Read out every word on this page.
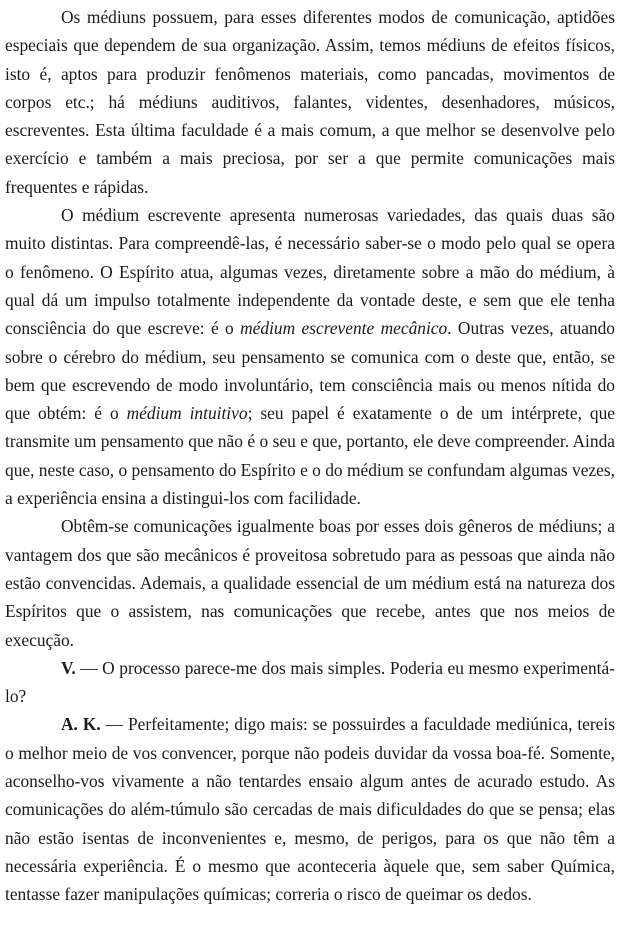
Os médiuns possuem, para esses diferentes modos de comunicação, aptidões especiais que dependem de sua organização. Assim, temos médiuns de efeitos físicos, isto é, aptos para produzir fenômenos materiais, como pancadas, movimentos de corpos etc.; há médiuns auditivos, falantes, videntes, desenhadores, músicos, escreventes. Esta última faculdade é a mais comum, a que melhor se desenvolve pelo exercício e também a mais preciosa, por ser a que permite comunicações mais frequentes e rápidas.

O médium escrevente apresenta numerosas variedades, das quais duas são muito distintas. Para compreendê-las, é necessário saber-se o modo pelo qual se opera o fenômeno. O Espírito atua, algumas vezes, diretamente sobre a mão do médium, à qual dá um impulso totalmente independente da vontade deste, e sem que ele tenha consciência do que escreve: é o médium escrevente mecânico. Outras vezes, atuando sobre o cérebro do médium, seu pensamento se comunica com o deste que, então, se bem que escrevendo de modo involuntário, tem consciência mais ou menos nítida do que obtém: é o médium intuitivo; seu papel é exatamente o de um intérprete, que transmite um pensamento que não é o seu e que, portanto, ele deve compreender. Ainda que, neste caso, o pensamento do Espírito e o do médium se confundam algumas vezes, a experiência ensina a distingui-los com facilidade.

Obtêm-se comunicações igualmente boas por esses dois gêneros de médiuns; a vantagem dos que são mecânicos é proveitosa sobretudo para as pessoas que ainda não estão convencidas. Ademais, a qualidade essencial de um médium está na natureza dos Espíritos que o assistem, nas comunicações que recebe, antes que nos meios de execução.

V. — O processo parece-me dos mais simples. Poderia eu mesmo experimentá-lo?

A. K. — Perfeitamente; digo mais: se possuirdes a faculdade mediúnica, tereis o melhor meio de vos convencer, porque não podeis duvidar da vossa boa-fé. Somente, aconselho-vos vivamente a não tentardes ensaio algum antes de acurado estudo. As comunicações do além-túmulo são cercadas de mais dificuldades do que se pensa; elas não estão isentas de inconvenientes e, mesmo, de perigos, para os que não têm a necessária experiência. É o mesmo que aconteceria àquele que, sem saber Química, tentasse fazer manipulações químicas; correria o risco de queimar os dedos.
